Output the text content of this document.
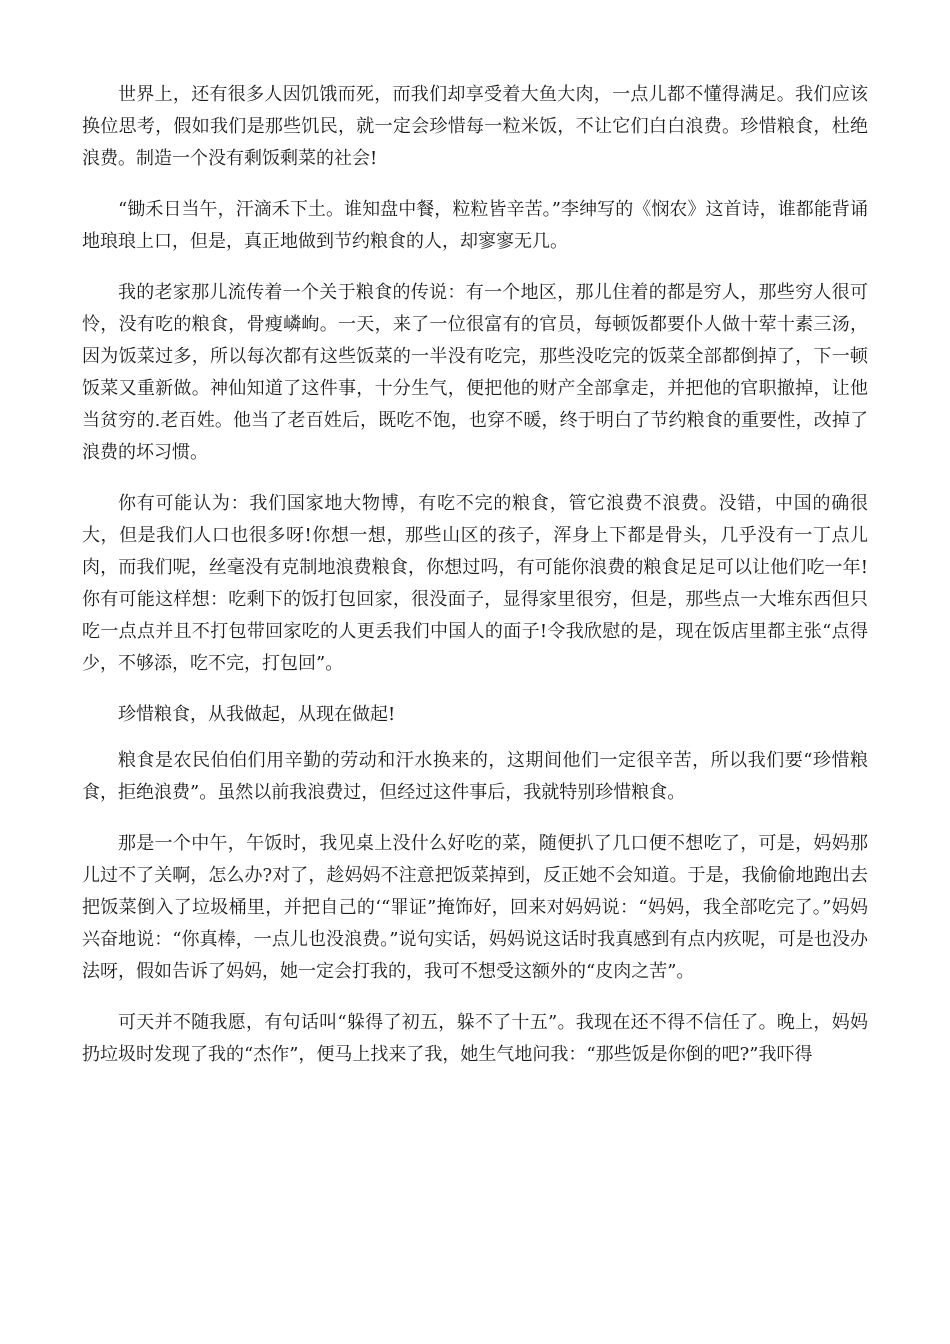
世界上，还有很多人因饥饿而死，而我们却享受着大鱼大肉，一点儿都不懂得满足。我们应该换位思考，假如我们是那些饥民，就一定会珍惜每一粒米饭，不让它们白白浪费。珍惜粮食，杜绝浪费。制造一个没有剩饭剩菜的社会!

“锄禾日当午，汗滴禾下土。谁知盘中餐，粒粒皆辛苦。”李绅写的《悯农》这首诗，谁都能背诵地琅琅上口，但是，真正地做到节约粮食的人，却寥寥无几。

我的老家那儿流传着一个关于粮食的传说：有一个地区，那儿住着的都是穷人，那些穷人很可怜，没有吃的粮食，骨瘦嶙峋。一天，来了一位很富有的官员，每顿饭都要仆人做十荤十素三汤，因为饭菜过多，所以每次都有这些饭菜的一半没有吃完，那些没吃完的饭菜全部都倒掉了，下一顿饭菜又重新做。神仙知道了这件事，十分生气，便把他的财产全部拿走，并把他的官职撤掉，让他当贫穷的.老百姓。他当了老百姓后，既吃不饱，也穿不暖，终于明白了节约粮食的重要性，改掉了浪费的坏习惯。

你有可能认为：我们国家地大物博，有吃不完的粮食，管它浪费不浪费。没错，中国的确很大，但是我们人口也很多呀!你想一想，那些山区的孩子，浑身上下都是骨头，几乎没有一丁点儿肉，而我们呢，丝毫没有克制地浪费粮食，你想过吗，有可能你浪费的粮食足足可以让他们吃一年!你有可能这样想：吃剩下的饭打包回家，很没面子，显得家里很穷，但是，那些点一大堆东西但只吃一点点并且不打包带回家吃的人更丢我们中国人的面子!令我欣慰的是，现在饭店里都主张“点得少，不够添，吃不完，打包回”。

珍惜粮食，从我做起，从现在做起!

粮食是农民伯伯们用辛勤的劳动和汗水换来的，这期间他们一定很辛苦，所以我们要“珍惜粮食，拒绝浪费”。虽然以前我浪费过，但经过这件事后，我就特别珍惜粮食。

那是一个中午，午饭时，我见桌上没什么好吃的菜，随便扒了几口便不想吃了，可是，妈妈那儿过不了关啊，怎么办?对了，趁妈妈不注意把饭菜掉到，反正她不会知道。于是，我偷偷地跑出去把饭菜倒入了垃圾桶里，并把自己的‘“罪证”掩饰好，回来对妈妈说：“妈妈，我全部吃完了。”妈妈兴奋地说：“你真棒，一点儿也没浪费。”说句实话，妈妈说这话时我真感到有点内疚呢，可是也没办法呀，假如告诉了妈妈，她一定会打我的，我可不想受这额外的“皮肉之苦”。

可天并不随我愿，有句话叫“躲得了初五，躲不了十五”。我现在还不得不信任了。晚上，妈妈扔垃圾时发现了我的“杰作”，便马上找来了我，她生气地问我：“那些饭是你倒的吧?”我吓得
